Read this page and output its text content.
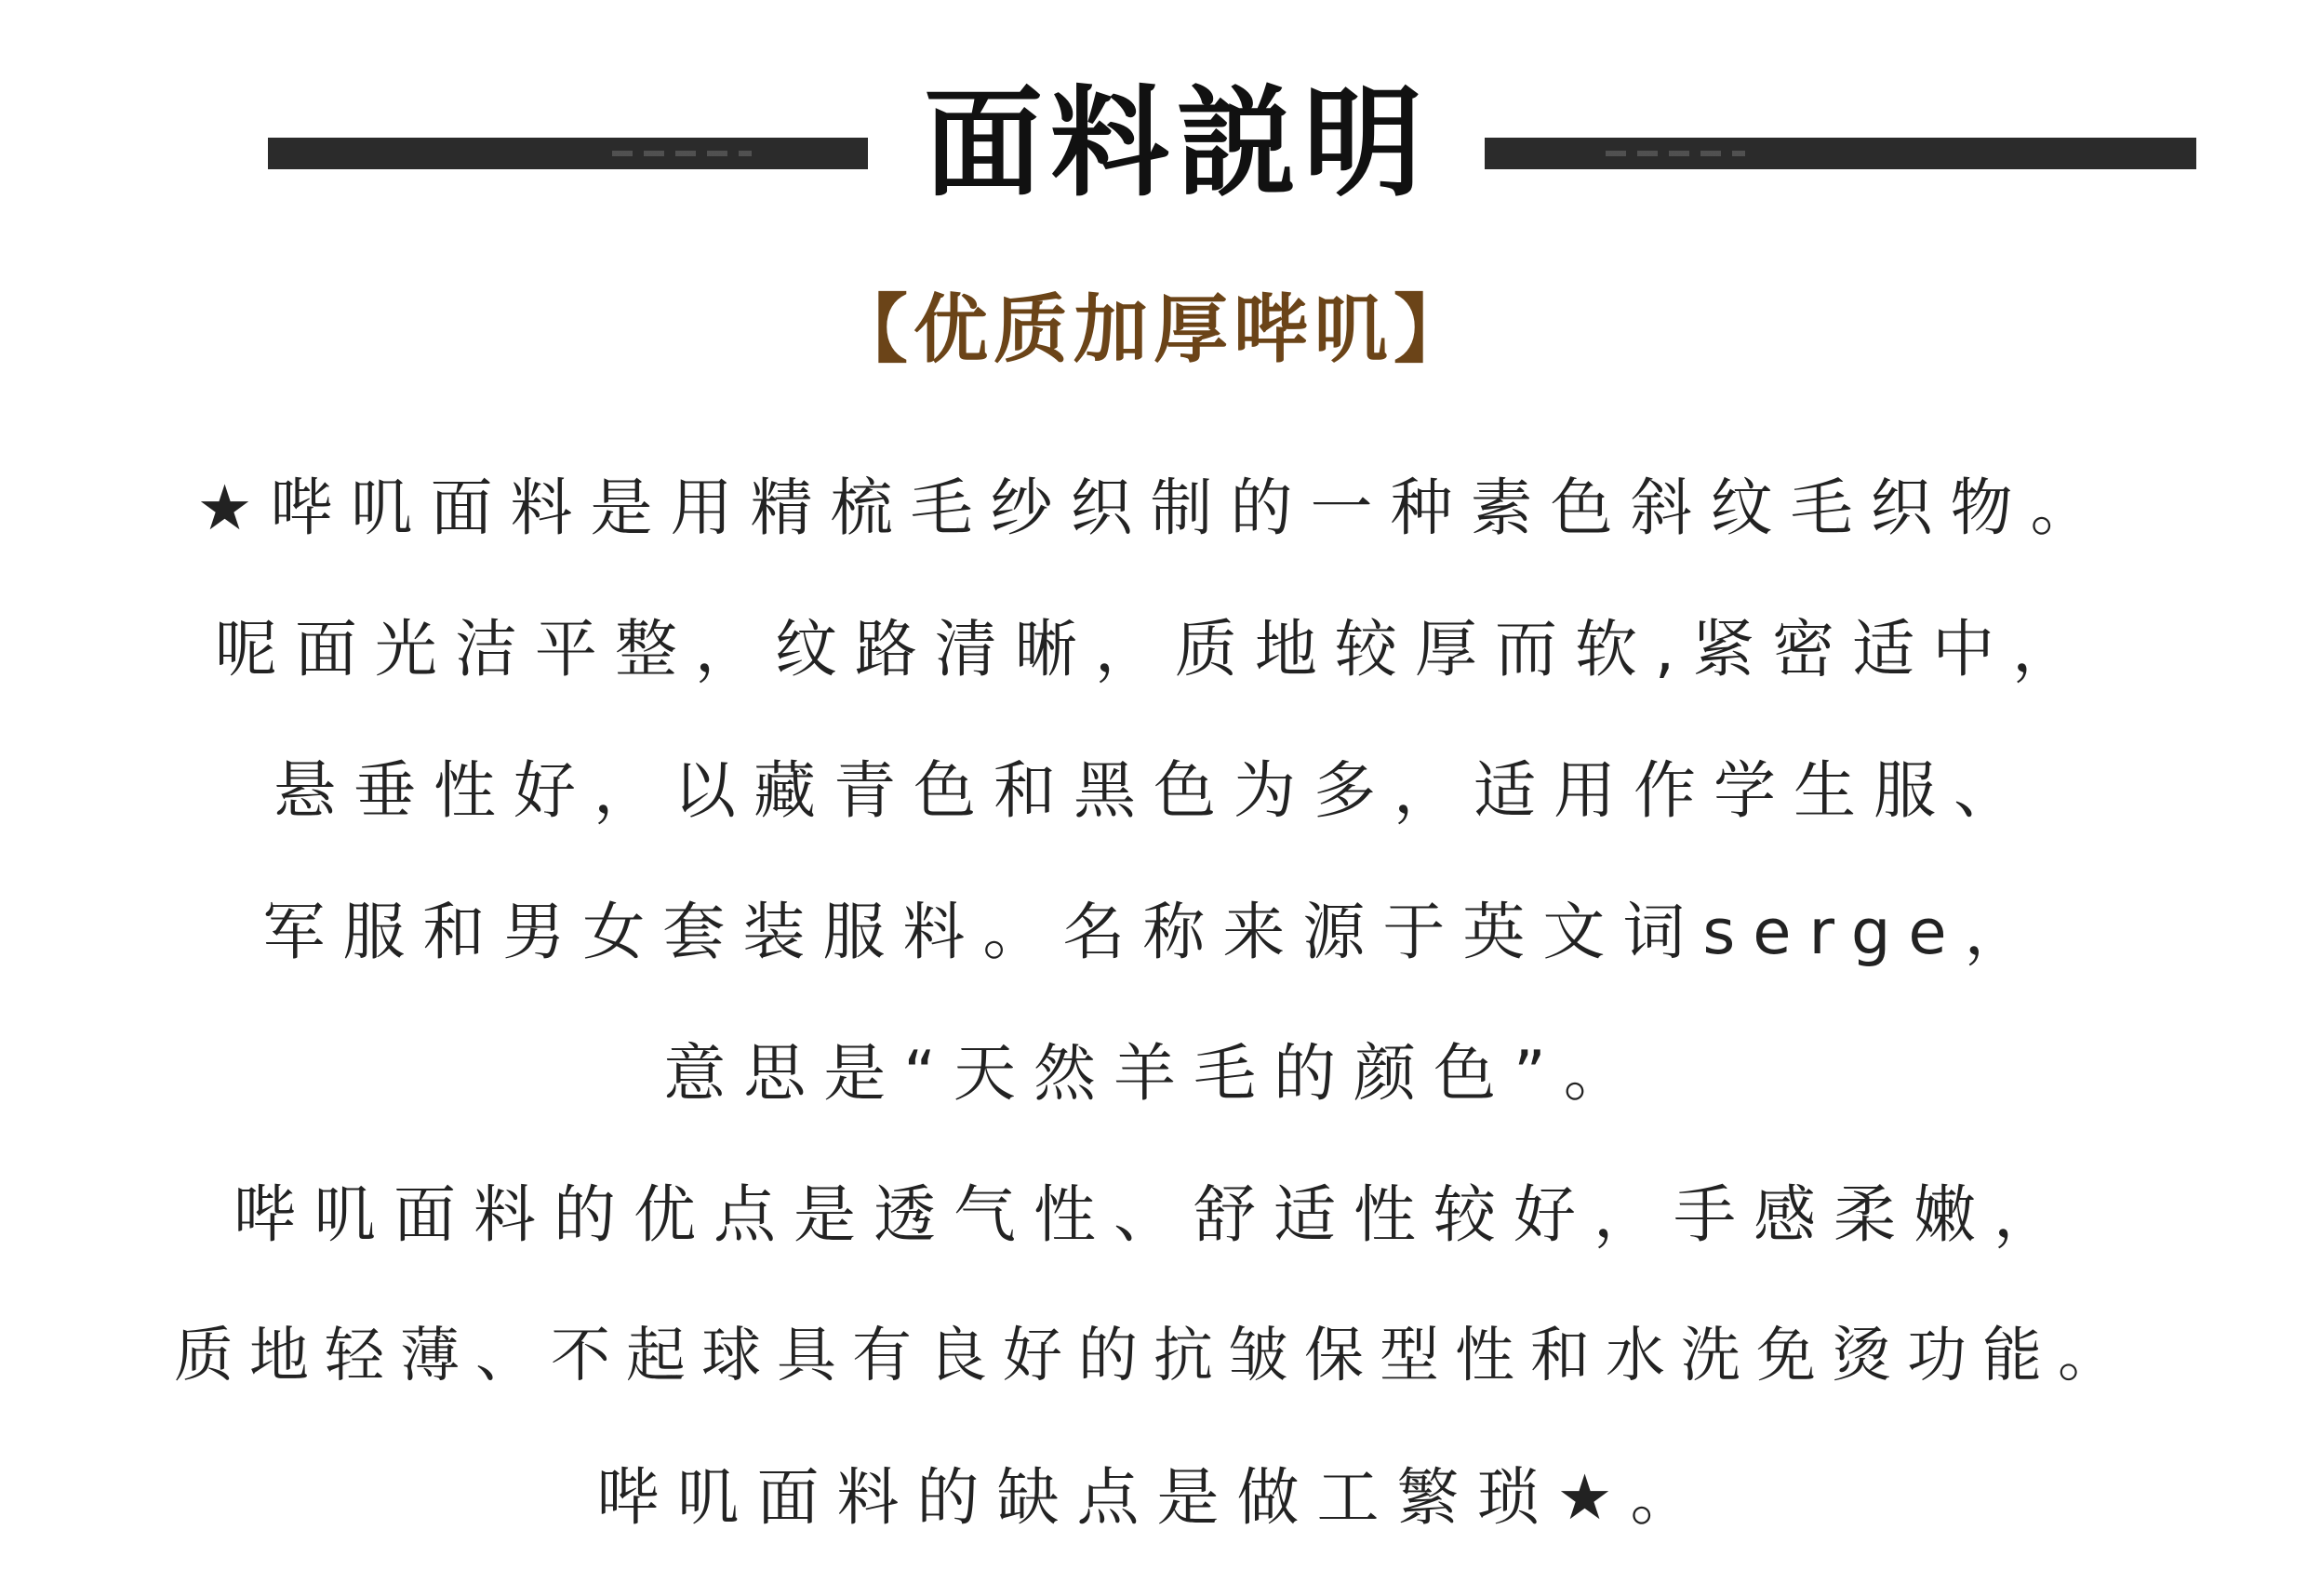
面料説明
【优质加厚哔叽】
★哔叽面料是用精梳毛纱织制的一种素色斜纹毛织物。
呢面光洁平整，纹路清晰，质地较厚而软,紧密适中，
悬垂性好，以藏青色和黑色为多，适用作学生服、
军服和男女套装服料。名称来源于英文词serge，
意思是“天然羊毛的颜色”。
哔叽面料的优点是透气性、舒适性较好，手感柔嫩，
质地轻薄、不起球具有良好的抗皱保型性和水洗免烫功能。
哔叽面料的缺点是做工繁琐★。
